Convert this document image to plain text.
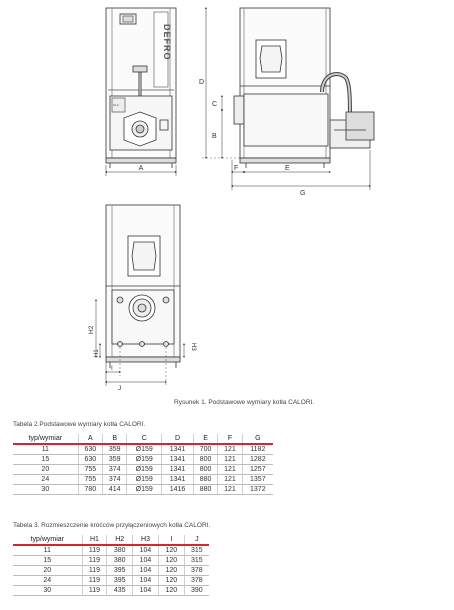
DEFRO
CL3
A
D
B
C
F	E
G
H2
H1
H3
I
J
Rysunek 1. Podstawowe wymiary kotła CALORI.
Tabela 2.Podstawowe wymiary kotła CALORI.
typ/wymiar	A	B	C	D	E	F	G
11	630	359	Ø159	1341	700	121	1182
15	630	359	Ø159	1341	800	121	1282
20	755	374	Ø159	1341	800	121	1257
24	755	374	Ø159	1341	880	121	1357
30	780	414	Ø159	1416	880	121	1372
Tabela 3. Rozmieszczenie króćców przyłączeniowych kotła CALORI.
typ/wymiar	H1	H2	H3	I	J
11	119	380	104	120	315
15	119	380	104	120	315
20	119	395	104	120	378
24	119	395	104	120	378
30	119	435	104	120	390
